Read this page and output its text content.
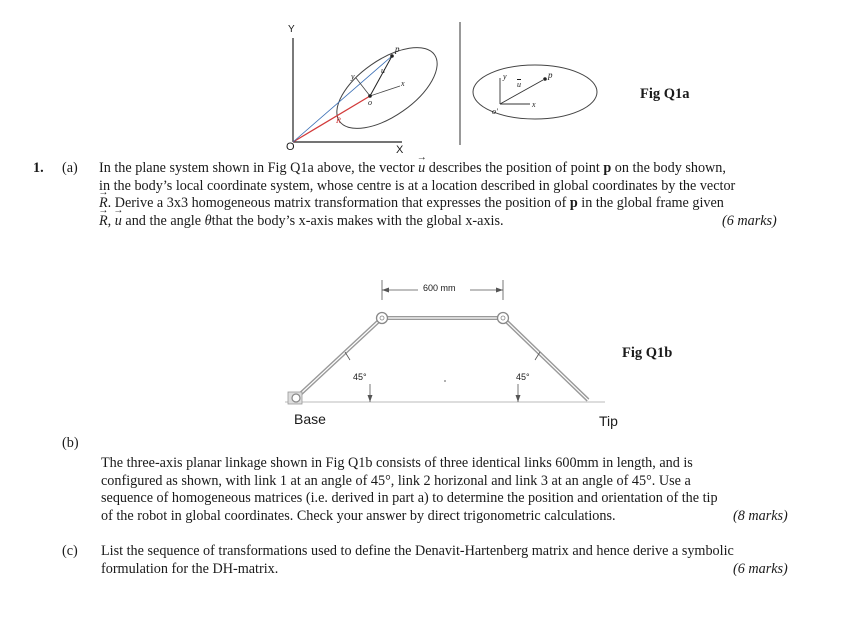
Y
X
O
p
u
R
x
y
o
p
$\overline{u}$
x
y
o'
Fig Q1a
1. (a) In the plane system shown in Fig Q1a above, the vector → u describes the position of point p on the body shown,
in the body’s local coordinate system, whose centre is at a location described in global coordinates by the vector
→ R. Derive a 3x3 homogeneous matrix transformation that expresses the position of p in the global frame given
→ R, → u and the angle θthat the body’s x-axis makes with the global x-axis.	(6 marks)
600 mm
45°	45°
Base	Tip
Fig Q1b
(b)
The three-axis planar linkage shown in Fig Q1b consists of three identical links 600mm in length, and is
configured as shown, with link 1 at an angle of 45°, link 2 horizonal and link 3 at an angle of 45°. Use a
sequence of homogeneous matrices (i.e. derived in part a) to determine the position and orientation of the tip
of the robot in global coordinates. Check your answer by direct trigonometric calculations.	(8 marks)
(c) List the sequence of transformations used to define the Denavit-Hartenberg matrix and hence derive a symbolic
formulation for the DH-matrix.	(6 marks)
